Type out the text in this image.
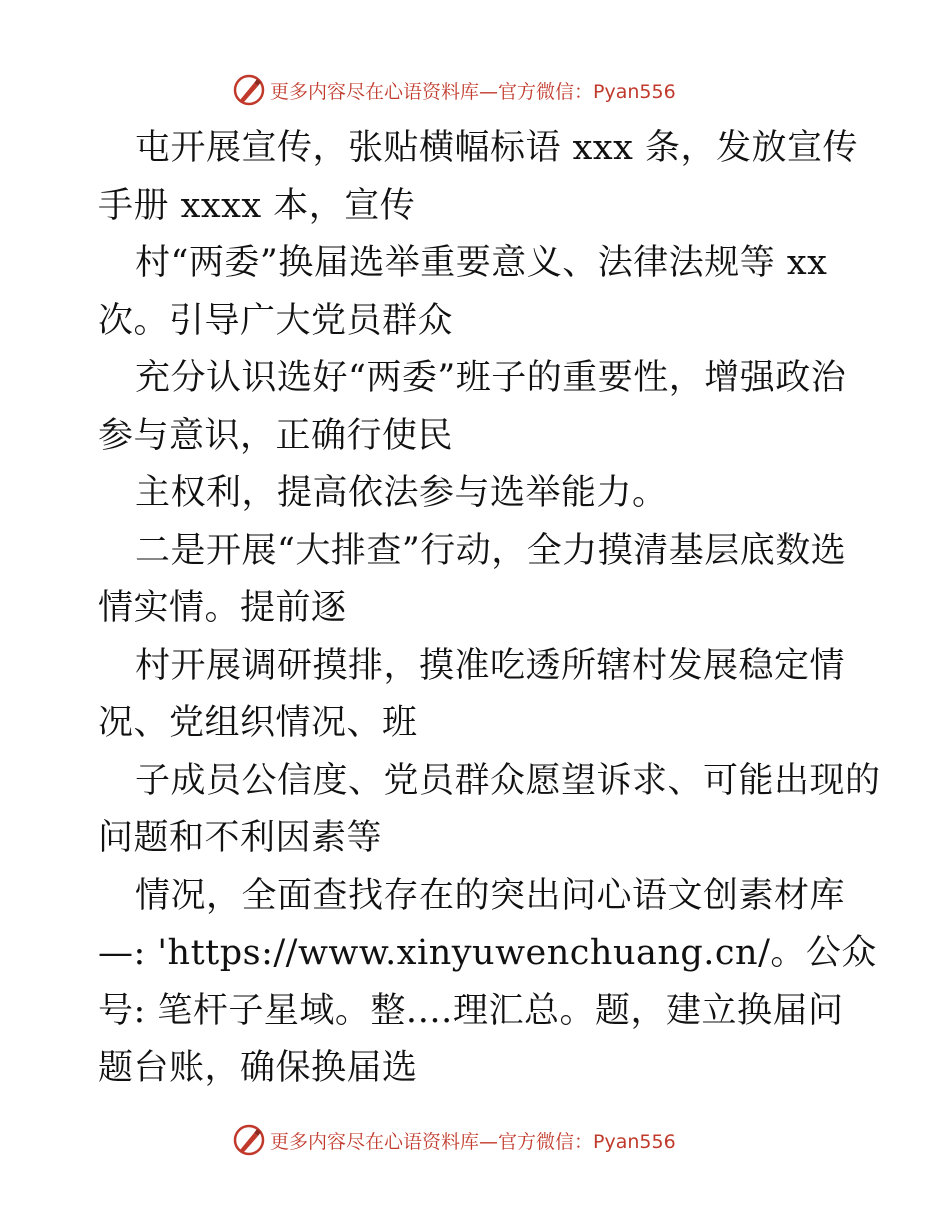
更多内容尽在心语资料库—官方微信：Pyan556
屯开展宣传，张贴横幅标语 xxx 条，发放宣传
手册 xxxx 本，宣传
村“两委”换届选举重要意义、法律法规等 xx
次。引导广大党员群众
充分认识选好“两委”班子的重要性，增强政治
参与意识，正确行使民
主权利，提高依法参与选举能力。
二是开展“大排查”行动，全力摸清基层底数选
情实情。提前逐
村开展调研摸排，摸准吃透所辖村发展稳定情
况、党组织情况、班
子成员公信度、党员群众愿望诉求、可能出现的
问题和不利因素等
情况，全面查找存在的突出问心语文创素材库
—: 'https://www.xinyuwenchuang.cn/。公众
号: 笔杆子星域。整.…理汇总。题，建立换届问
题台账，确保换届选
更多内容尽在心语资料库—官方微信：Pyan556
